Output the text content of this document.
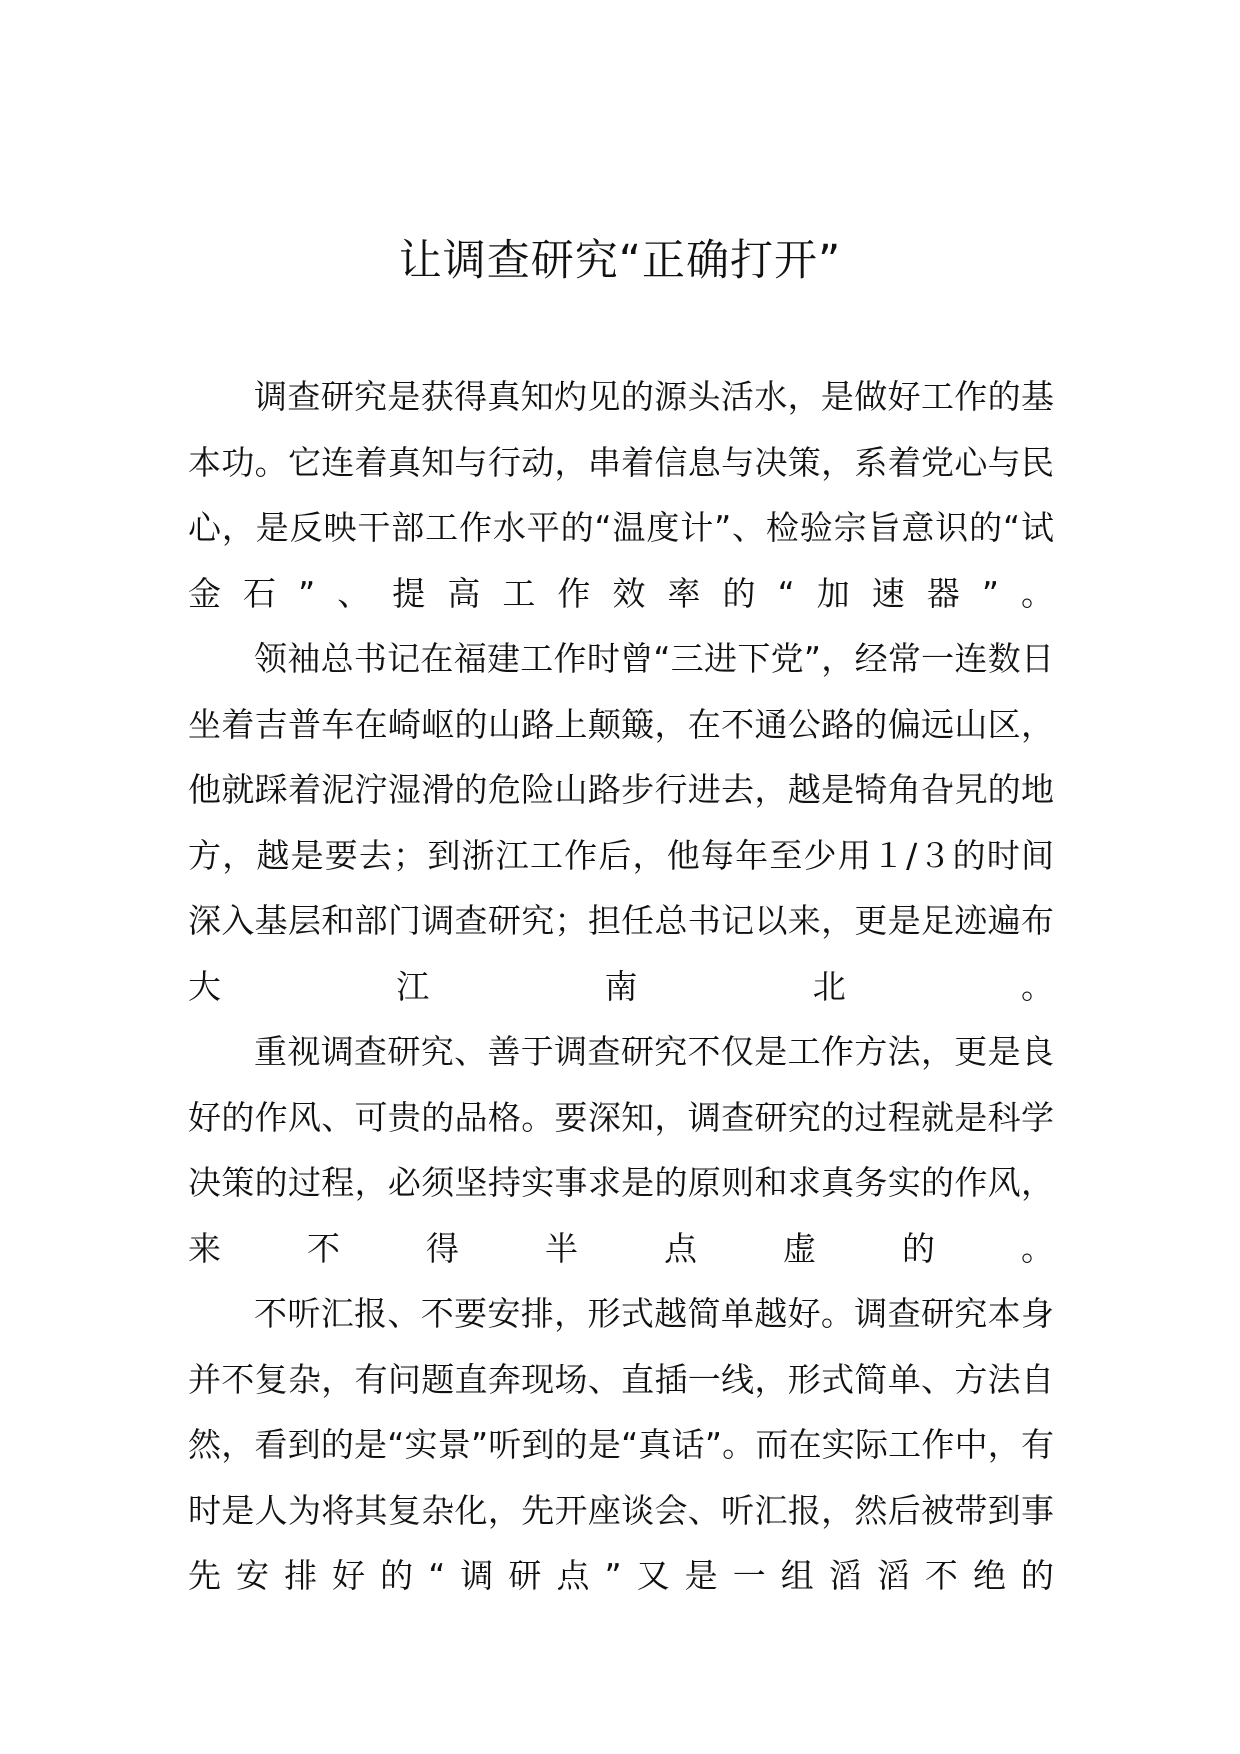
让调查研究“正确打开”

调查研究是获得真知灼见的源头活水，是做好工作的基本功。它连着真知与行动，串着信息与决策，系着党心与民心，是反映干部工作水平的“温度计”、检验宗旨意识的“试金石”、提高工作效率的“加速器”。

领袖总书记在福建工作时曾“三进下党”，经常一连数日坐着吉普车在崎岖的山路上颠簸，在不通公路的偏远山区，他就踩着泥泞湿滑的危险山路步行进去，越是犄角旮旯的地方，越是要去；到浙江工作后，他每年至少用１/３的时间深入基层和部门调查研究；担任总书记以来，更是足迹遍布大江南北。

重视调查研究、善于调查研究不仅是工作方法，更是良好的作风、可贵的品格。要深知，调查研究的过程就是科学决策的过程，必须坚持实事求是的原则和求真务实的作风，来不得半点虚的。

不听汇报、不要安排，形式越简单越好。调查研究本身并不复杂，有问题直奔现场、直插一线，形式简单、方法自然，看到的是“实景”听到的是“真话”。而在实际工作中，有时是人为将其复杂化，先开座谈会、听汇报，然后被带到事先安排好的“调研点”又是一组滔滔不绝的
